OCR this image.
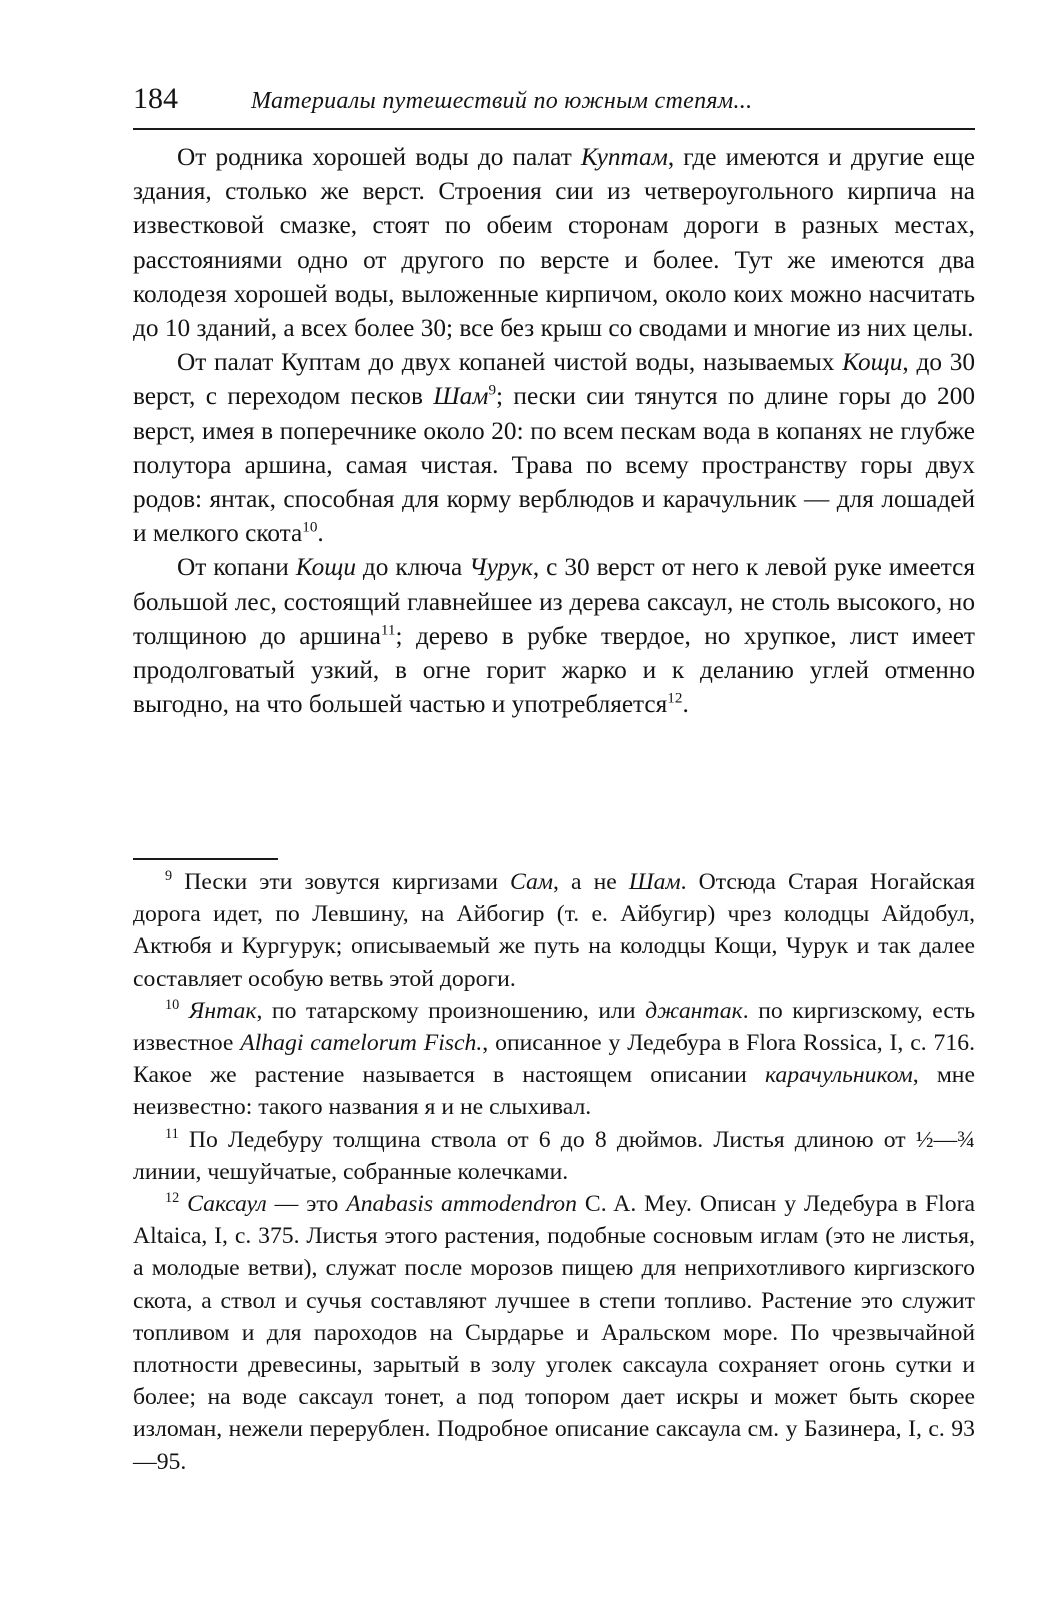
184	Материалы путешествий по южным степям...

От родника хорошей воды до палат Куптам, где имеются и другие еще здания, столько же верст. Строения сии из четвероугольного кирпича на известковой смазке, стоят по обеим сторонам дороги в разных местах, расстояниями одно от другого по версте и более. Тут же имеются два колодезя хорошей воды, выложенные кирпичом, около коих можно насчитать до 10 зданий, а всех более 30; все без крыш со сводами и многие из них целы.

От палат Куптам до двух копаней чистой воды, называемых Кощи, до 30 верст, с переходом песков Шам$^9$; пески сии тянутся по длине горы до 200 верст, имея в поперечнике около 20: по всем пескам вода в копанях не глубже полутора аршина, самая чистая. Трава по всему пространству горы двух родов: янтак, способная для корму верблюдов и карачульник — для лошадей и мелкого скота$^{10}$.

От копани Кощи до ключа Чурук, с 30 верст от него к левой руке имеется большой лес, состоящий главнейшее из дерева саксаул, не столь высокого, но толщиною до аршина$^{11}$; дерево в рубке твердое, но хрупкое, лист имеет продолговатый узкий, в огне горит жарко и к деланию углей отменно выгодно, на что большей частью и употребляется$^{12}$.

$^9$ Пески эти зовутся киргизами Сам, а не Шам. Отсюда Старая Ногайская дорога идет, по Левшину, на Айбогир (т. е. Айбугир) чрез колодцы Айдобул, Актюбя и Кургурук; описываемый же путь на колодцы Кощи, Чурук и так далее составляет особую ветвь этой дороги.

$^{10}$ Янтак, по татарскому произношению, или джантак. по киргизскому, есть известное Alhagi camelorum Fisch., описанное у Ледебура в Flora Rossica, I, с. 716. Какое же растение называется в настоящем описании карачульником, мне неизвестно: такого названия я и не слыхивал.

$^{11}$ По Ледебуру толщина ствола от 6 до 8 дюймов. Листья длиною от ½—¾ линии, чешуйчатые, собранные колечками.

$^{12}$ Саксаул — это Anabasis ammodendron C. A. Mey. Описан у Ледебура в Flora Altaica, I, с. 375. Листья этого растения, подобные сосновым иглам (это не листья, а молодые ветви), служат после морозов пищею для неприхотливого киргизского скота, а ствол и сучья составляют лучшее в степи топливо. Растение это служит топливом и для пароходов на Сырдарье и Аральском море. По чрезвычайной плотности древесины, зарытый в золу уголек саксаула сохраняет огонь сутки и более; на воде саксаул тонет, а под топором дает искры и может быть скорее изломан, нежели перерублен. Подробное описание саксаула см. у Базинера, I, с. 93—95.
